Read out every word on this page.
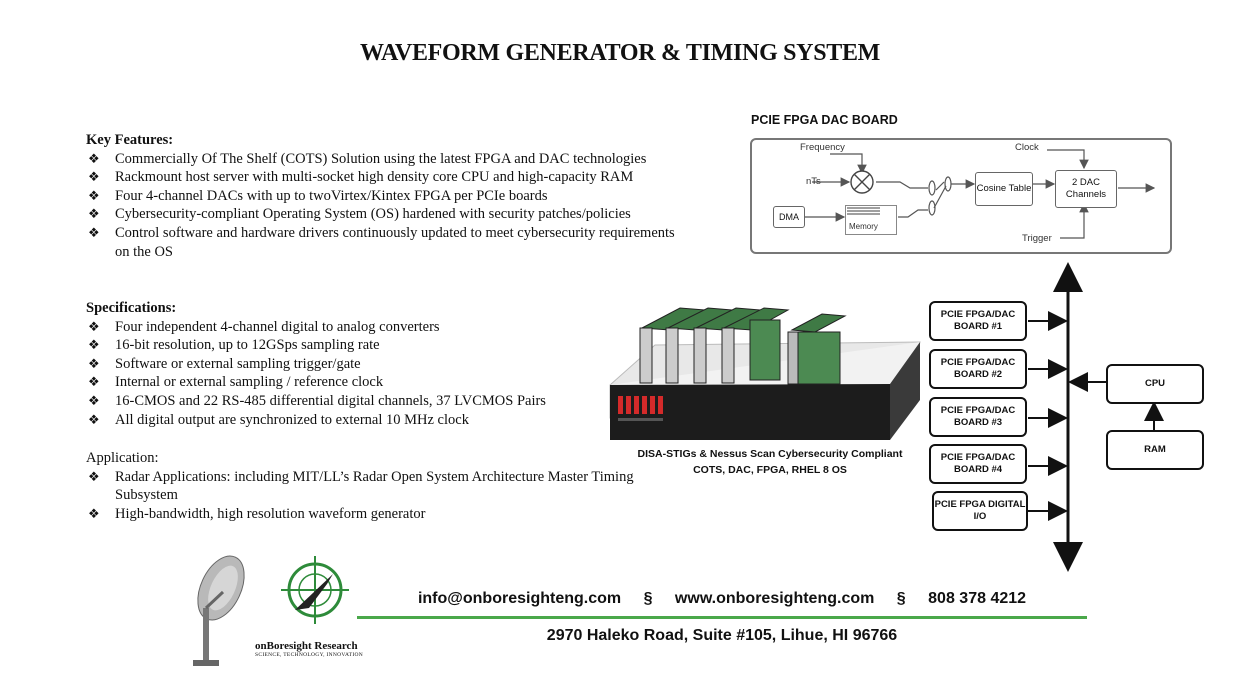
WAVEFORM GENERATOR & TIMING SYSTEM
Key Features:
❖ Commercially Of The Shelf (COTS) Solution using the latest FPGA and DAC technologies
❖ Rackmount host server with multi-socket high density core CPU and high-capacity RAM
❖ Four 4-channel DACs with up to twoVirtex/Kintex FPGA per PCIe boards
❖ Cybersecurity-compliant Operating System (OS) hardened with security patches/policies
❖ Control software and hardware drivers continuously updated to meet cybersecurity requirements on the OS
Specifications:
❖ Four independent 4-channel digital to analog converters
❖ 16-bit resolution, up to 12GSps sampling rate
❖ Software or external sampling trigger/gate
❖ Internal or external sampling / reference clock
❖ 16-CMOS and 22 RS-485 differential digital channels, 37 LVCMOS Pairs
❖ All digital output are synchronized to external 10 MHz clock
Application:
❖ Radar Applications: including MIT/LL’s Radar Open System Architecture Master Timing Subsystem
❖ High-bandwidth, high resolution waveform generator
PCIE FPGA DAC BOARD
Frequency	Clock
nTs
DMA
Memory
Cosine Table
2 DAC Channels
Trigger
DISA-STIGs & Nessus Scan Cybersecurity Compliant
COTS, DAC, FPGA, RHEL 8 OS
PCIE FPGA/DAC BOARD #1
PCIE FPGA/DAC BOARD #2
PCIE FPGA/DAC BOARD #3
PCIE FPGA/DAC BOARD #4
PCIE FPGA DIGITAL I/O
CPU
RAM
onBoresight Research
SCIENCE, TECHNOLOGY, INNOVATION
info@onboresighteng.com § www.onboresighteng.com § 808 378 4212
2970 Haleko Road, Suite #105, Lihue, HI 96766
